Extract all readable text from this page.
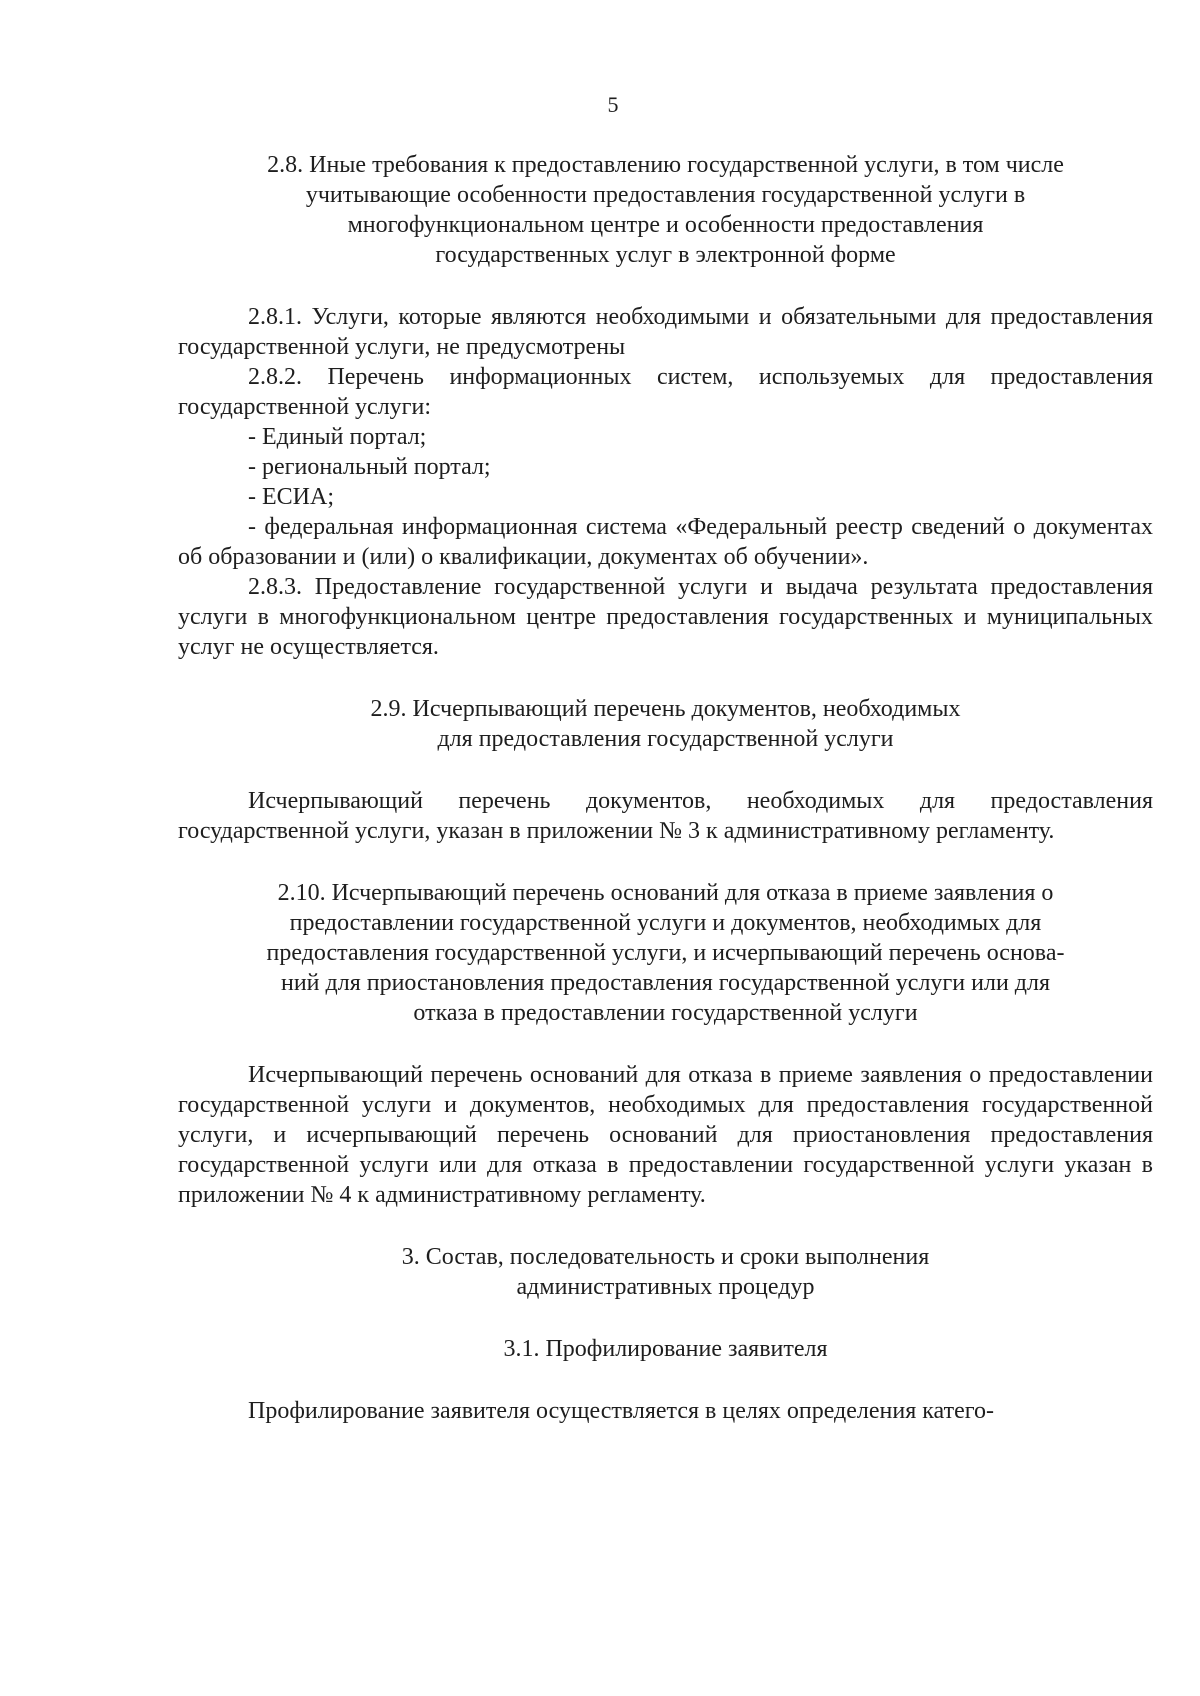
5
2.8. Иные требования к предоставлению государственной услуги, в том числе
учитывающие особенности предоставления государственной услуги в
многофункциональном центре и особенности предоставления
государственных услуг в электронной форме

2.8.1. Услуги, которые являются необходимыми и обязательными для предоставления государственной услуги, не предусмотрены

2.8.2. Перечень информационных систем, используемых для предоставления государственной услуги:

- Единый портал;

- региональный портал;

- ЕСИА;

- федеральная информационная система «Федеральный реестр сведений о документах об образовании и (или) о квалификации, документах об обучении».

2.8.3. Предоставление государственной услуги и выдача результата предоставления услуги в многофункциональном центре предоставления государственных и муниципальных услуг не осуществляется.

2.9. Исчерпывающий перечень документов, необходимых
для предоставления государственной услуги

Исчерпывающий перечень документов, необходимых для предоставления государственной услуги, указан в приложении № 3 к административному регламенту.

2.10. Исчерпывающий перечень оснований для отказа в приеме заявления о
предоставлении государственной услуги и документов, необходимых для
предоставления государственной услуги, и исчерпывающий перечень основа-
ний для приостановления предоставления государственной услуги или для
отказа в предоставлении государственной услуги

Исчерпывающий перечень оснований для отказа в приеме заявления о предоставлении государственной услуги и документов, необходимых для предоставления государственной услуги, и исчерпывающий перечень оснований для приостановления предоставления государственной услуги или для отказа в предоставлении государственной услуги указан в приложении № 4 к административному регламенту.

3. Состав, последовательность и сроки выполнения
административных процедур
3.1. Профилирование заявителя

Профилирование заявителя осуществляется в целях определения катего-
